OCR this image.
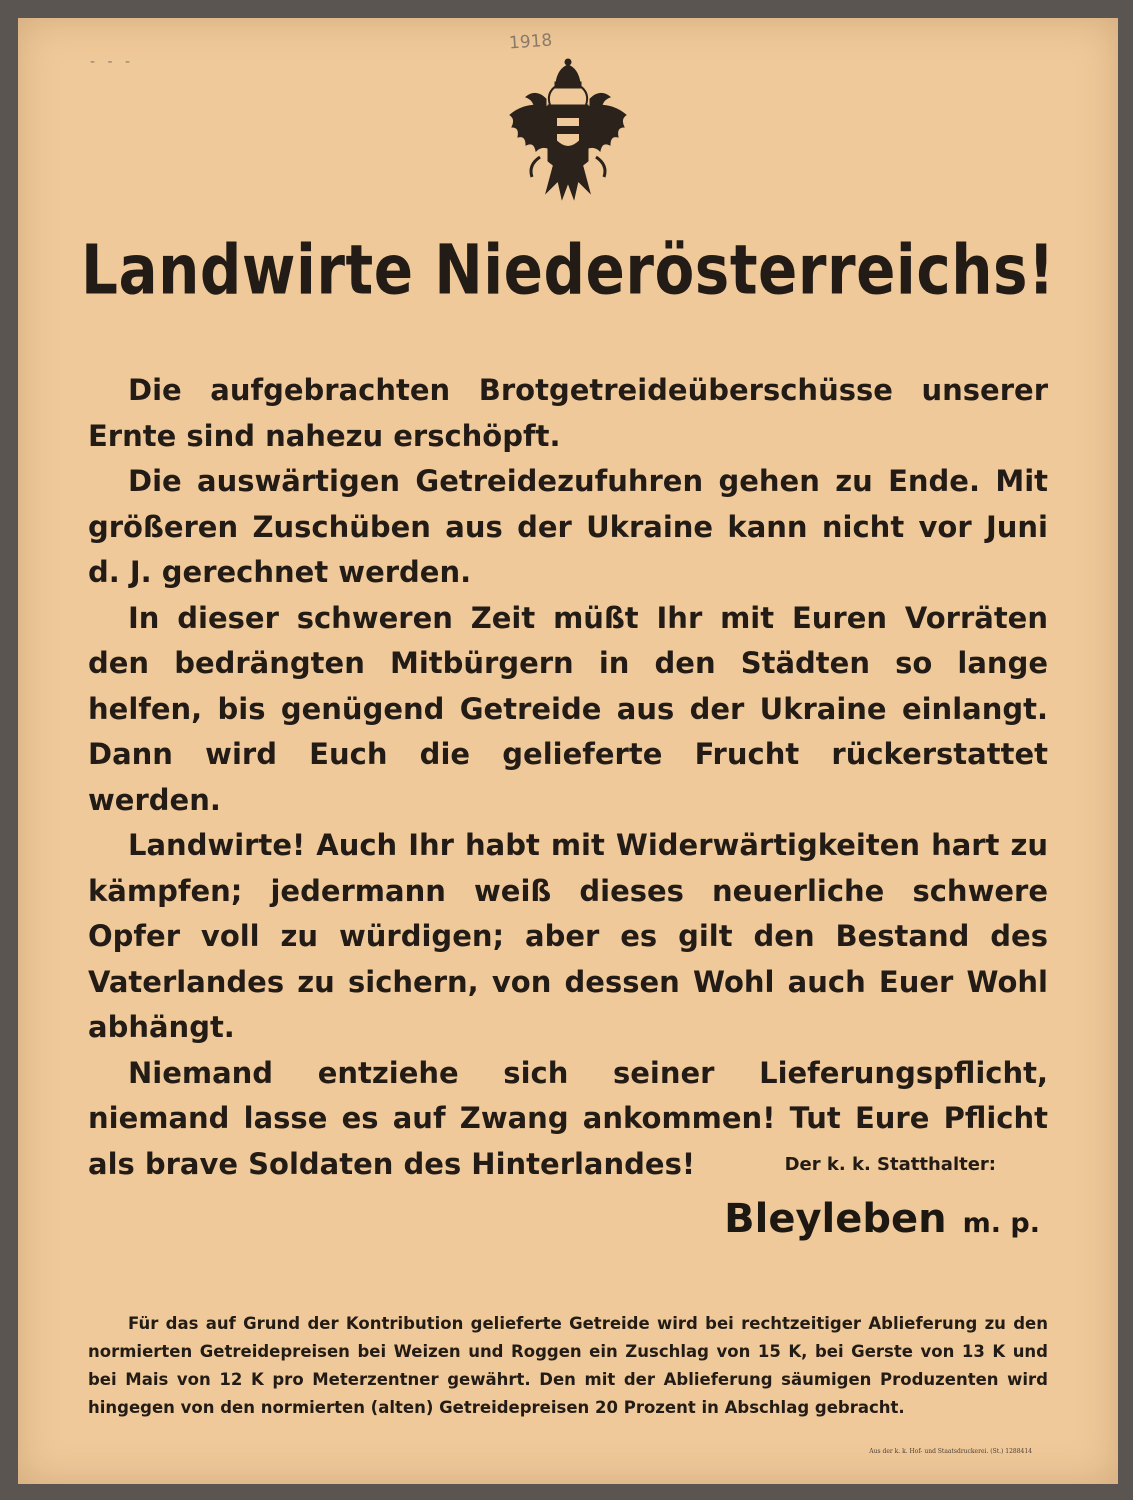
1918
- - -
Landwirte Niederösterreichs!

Die aufgebrachten Brotgetreideüberschüsse unserer Ernte sind nahezu erschöpft.

Die auswärtigen Getreidezufuhren gehen zu Ende. Mit größeren Zuschüben aus der Ukraine kann nicht vor Juni d. J. gerechnet werden.

In dieser schweren Zeit müßt Ihr mit Euren Vorräten den bedrängten Mitbürgern in den Städten so lange helfen, bis genügend Getreide aus der Ukraine einlangt. Dann wird Euch die gelieferte Frucht rückerstattet werden.

Landwirte! Auch Ihr habt mit Widerwärtigkeiten hart zu kämpfen; jedermann weiß dieses neuerliche schwere Opfer voll zu würdigen; aber es gilt den Bestand des Vaterlandes zu sichern, von dessen Wohl auch Euer Wohl abhängt.

Niemand entziehe sich seiner Lieferungspflicht, niemand lasse es auf Zwang ankommen! Tut Eure Pflicht als brave Soldaten des Hinterlandes!	Der k. k. Statthalter:
Bleyleben m. p.

Für das auf Grund der Kontribution gelieferte Getreide wird bei rechtzeitiger Ablieferung zu den normierten Getreidepreisen bei Weizen und Roggen ein Zuschlag von 15 K, bei Gerste von 13 K und bei Mais von 12 K pro Meterzentner gewährt. Den mit der Ablieferung säumigen Produzenten wird hingegen von den normierten (alten) Getreidepreisen 20 Prozent in Abschlag gebracht.

Aus der k. k. Hof- und Staatsdruckerei. (St.) 1288414
